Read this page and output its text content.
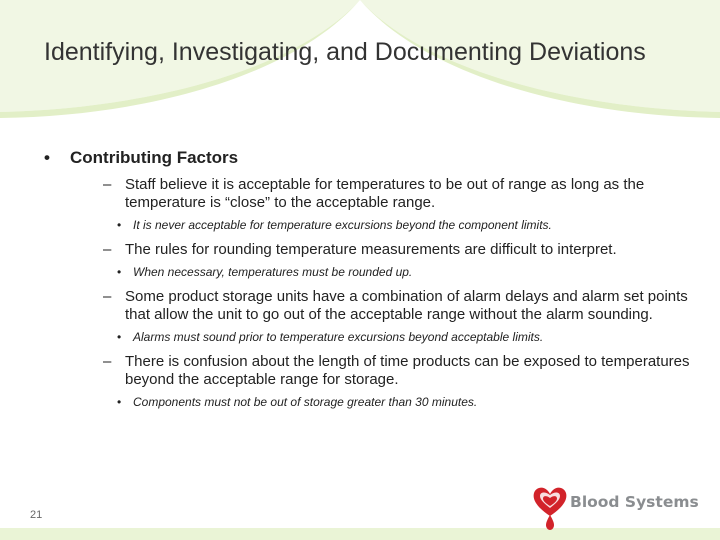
Identifying, Investigating, and Documenting Deviations
• Contributing Factors
– Staff believe it is acceptable for temperatures to be out of range as long as the temperature is “close” to the acceptable range.
• It is never acceptable for temperature excursions beyond the component limits.
– The rules for rounding temperature measurements are difficult to interpret.
• When necessary, temperatures must be rounded up.
– Some product storage units have a combination of alarm delays and alarm set points that allow the unit to go out of the acceptable range without the alarm sounding.
• Alarms must sound prior to temperature excursions beyond acceptable limits.
– There is confusion about the length of time products can be exposed to temperatures beyond the acceptable range for storage.
• Components must not be out of storage greater than 30 minutes.
21
Blood Systems
